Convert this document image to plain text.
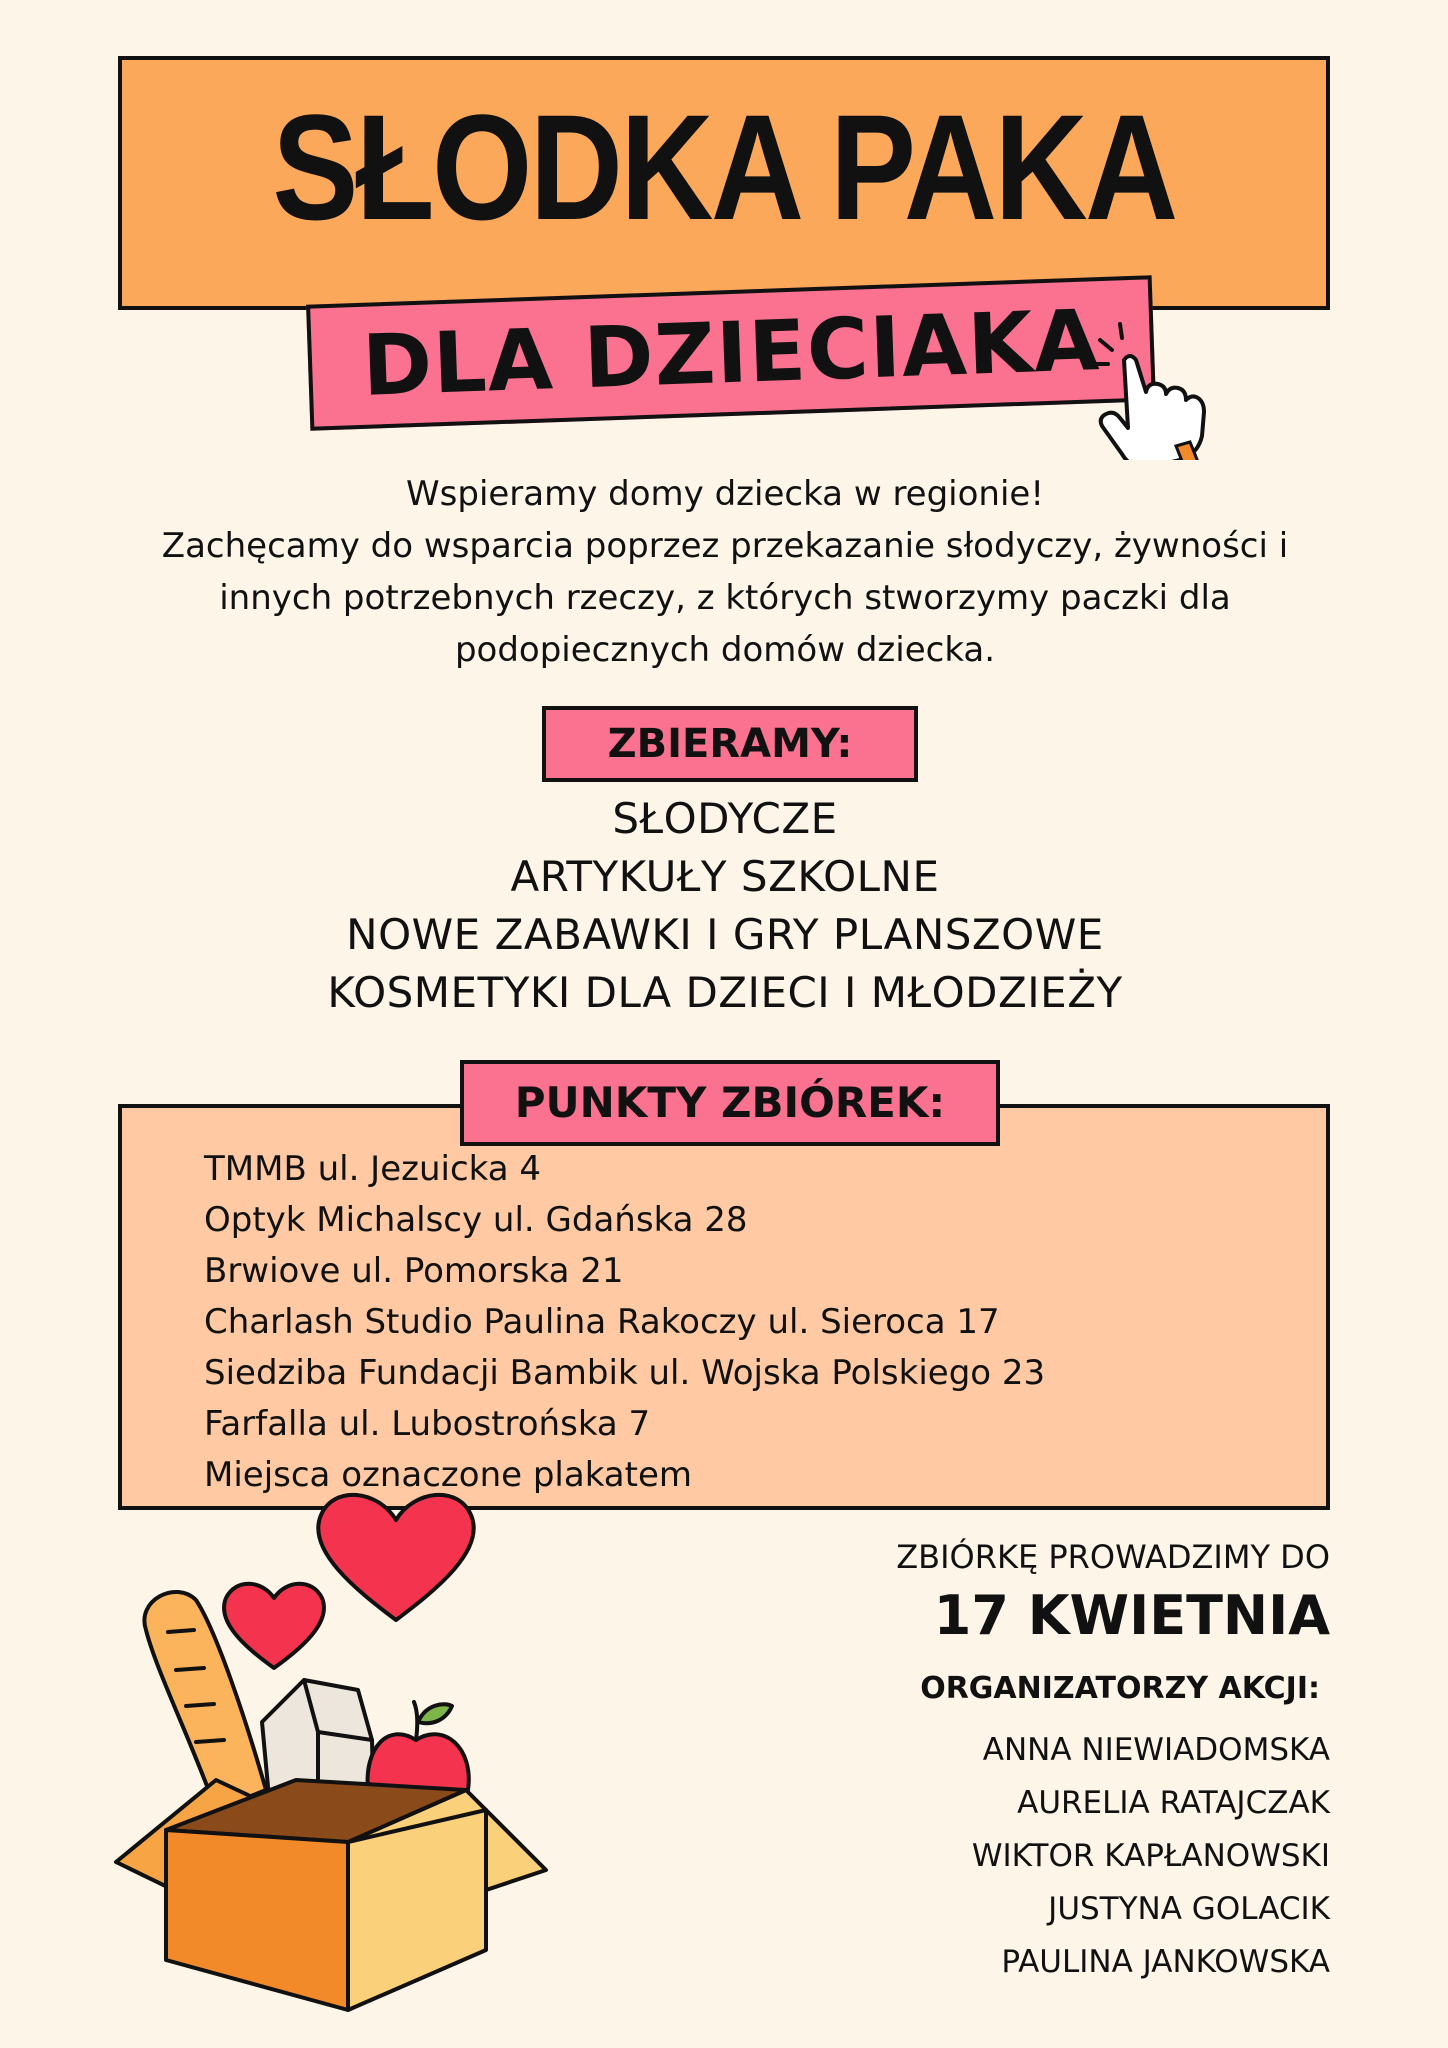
SŁODKA PAKA
DLA DZIECIAKA
Wspieramy domy dziecka w regionie!
Zachęcamy do wsparcia poprzez przekazanie słodyczy, żywności i
innych potrzebnych rzeczy, z których stworzymy paczki dla
podopiecznych domów dziecka.
ZBIERAMY:
SŁODYCZE
ARTYKUŁY SZKOLNE
NOWE ZABAWKI I GRY PLANSZOWE
KOSMETYKI DLA DZIECI I MŁODZIEŻY
PUNKTY ZBIÓREK:
TMMB ul. Jezuicka 4
Optyk Michalscy ul. Gdańska 28
Brwiove ul. Pomorska 21
Charlash Studio Paulina Rakoczy ul. Sieroca 17
Siedziba Fundacji Bambik ul. Wojska Polskiego 23
Farfalla ul. Lubostrońska 7
Miejsca oznaczone plakatem
ZBIÓRKĘ PROWADZIMY DO
17 KWIETNIA
ORGANIZATORZY AKCJI:
ANNA NIEWIADOMSKA
AURELIA RATAJCZAK
WIKTOR KAPŁANOWSKI
JUSTYNA GOLACIK
PAULINA JANKOWSKA
